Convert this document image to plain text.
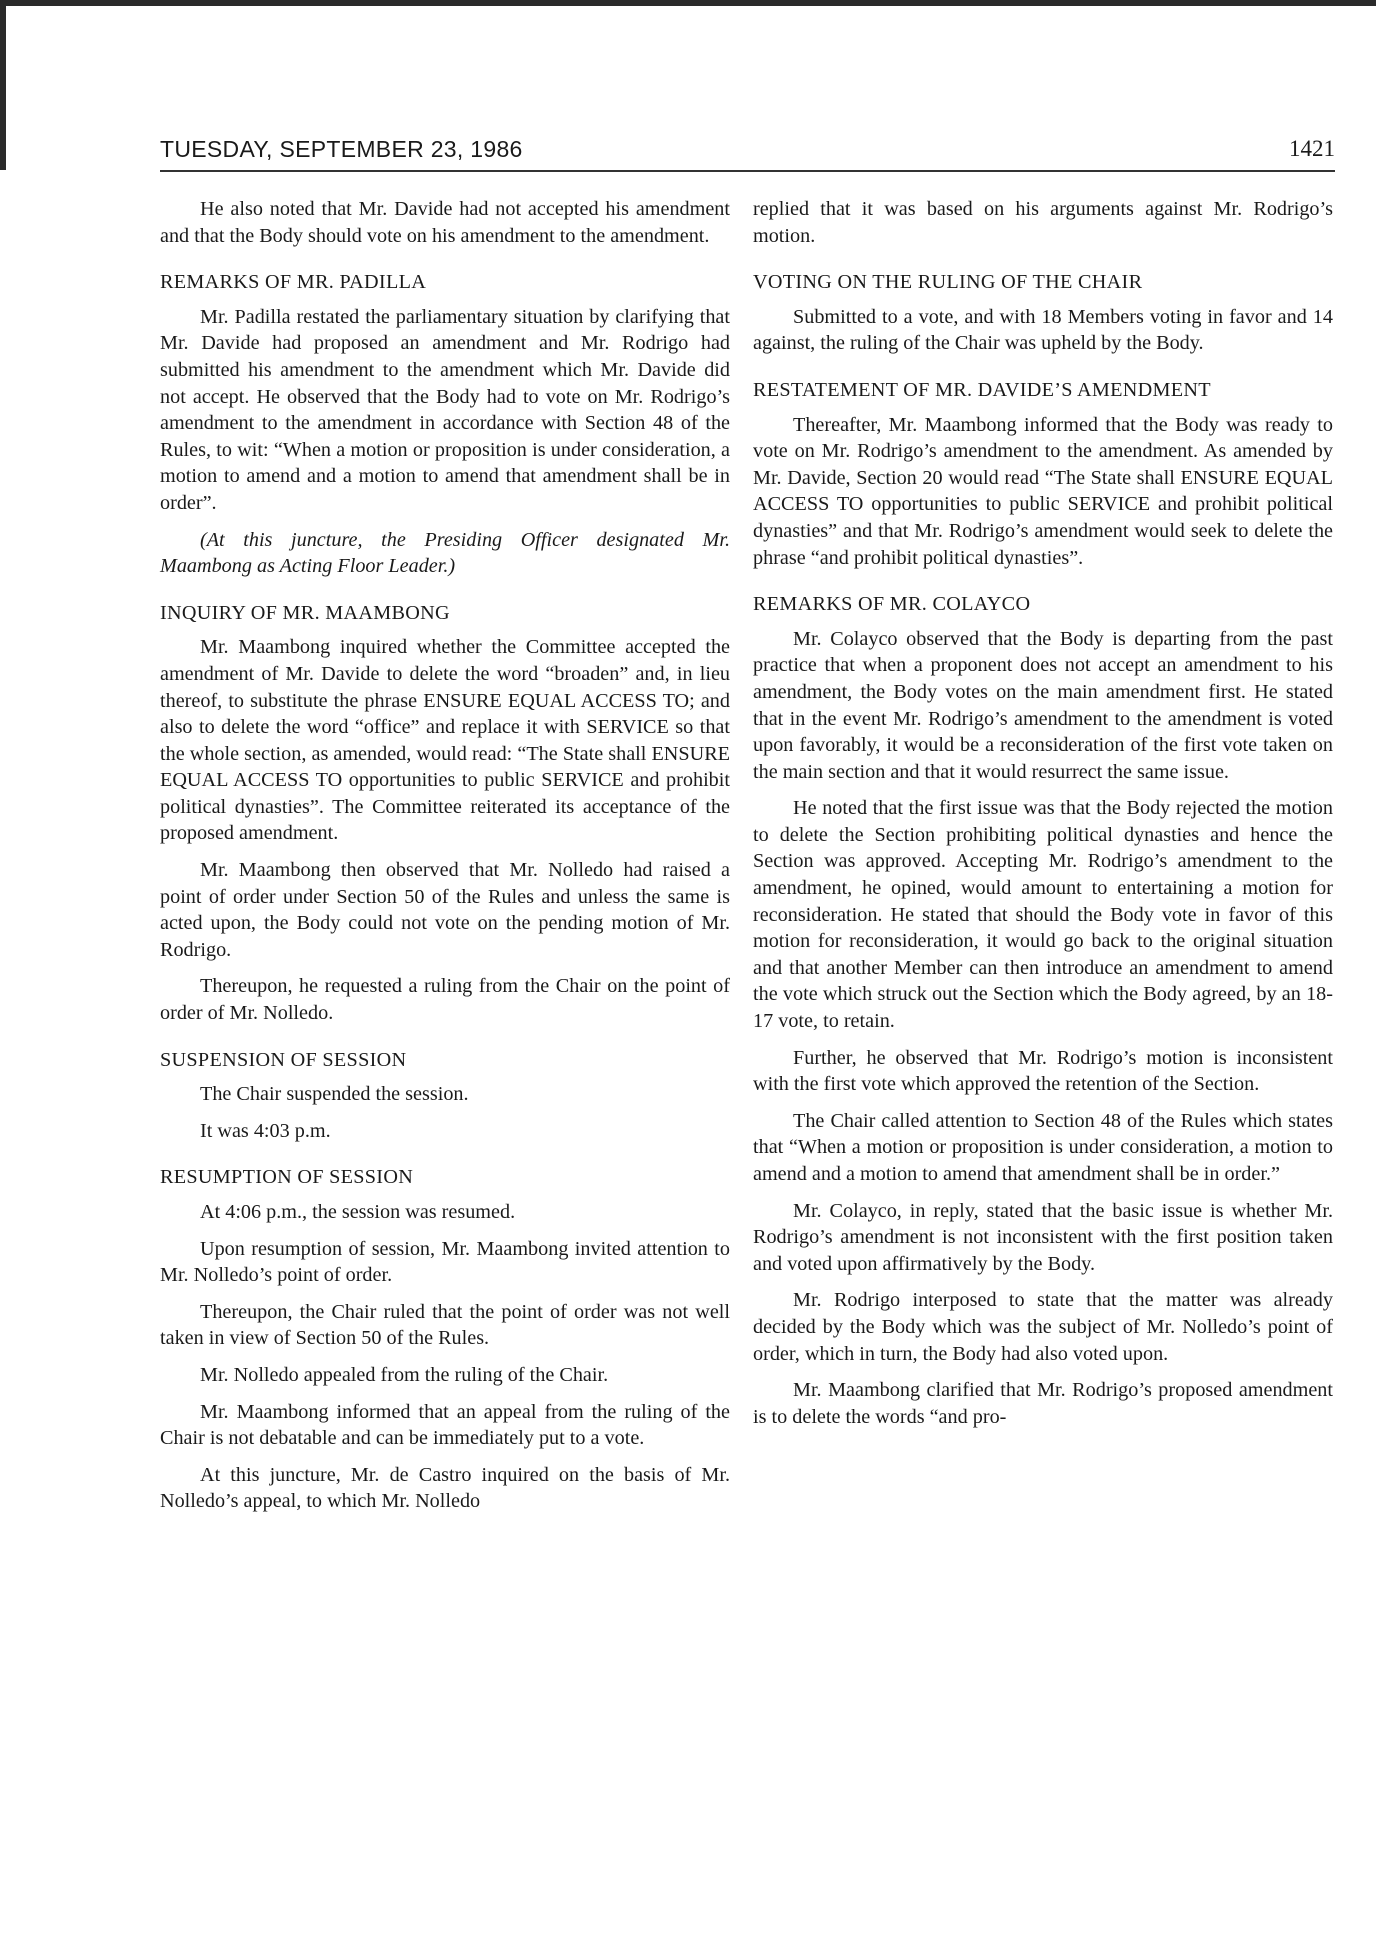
TUESDAY, SEPTEMBER 23, 1986	1421

He also noted that Mr. Davide had not accepted his amendment and that the Body should vote on his amendment to the amendment.

REMARKS OF MR. PADILLA

Mr. Padilla restated the parliamentary situation by clarifying that Mr. Davide had proposed an amendment and Mr. Rodrigo had submitted his amendment to the amendment which Mr. Davide did not accept. He observed that the Body had to vote on Mr. Rodrigo’s amendment to the amendment in accordance with Section 48 of the Rules, to wit: “When a motion or proposition is under consideration, a motion to amend and a motion to amend that amendment shall be in order”.

(At this juncture, the Presiding Officer designated Mr. Maambong as Acting Floor Leader.)

INQUIRY OF MR. MAAMBONG

Mr. Maambong inquired whether the Committee accepted the amendment of Mr. Davide to delete the word “broaden” and, in lieu thereof, to substitute the phrase ENSURE EQUAL ACCESS TO; and also to delete the word “office” and replace it with SERVICE so that the whole section, as amended, would read: “The State shall ENSURE EQUAL ACCESS TO opportunities to public SERVICE and prohibit political dynasties”. The Committee reiterated its acceptance of the proposed amendment.

Mr. Maambong then observed that Mr. Nolledo had raised a point of order under Section 50 of the Rules and unless the same is acted upon, the Body could not vote on the pending motion of Mr. Rodrigo.

Thereupon, he requested a ruling from the Chair on the point of order of Mr. Nolledo.

SUSPENSION OF SESSION

The Chair suspended the session.

It was 4:03 p.m.

RESUMPTION OF SESSION

At 4:06 p.m., the session was resumed.

Upon resumption of session, Mr. Maambong invited attention to Mr. Nolledo’s point of order.

Thereupon, the Chair ruled that the point of order was not well taken in view of Section 50 of the Rules.

Mr. Nolledo appealed from the ruling of the Chair.

Mr. Maambong informed that an appeal from the ruling of the Chair is not debatable and can be immediately put to a vote.

At this juncture, Mr. de Castro inquired on the basis of Mr. Nolledo’s appeal, to which Mr. Nolledo

replied that it was based on his arguments against Mr. Rodrigo’s motion.

VOTING ON THE RULING OF THE CHAIR

Submitted to a vote, and with 18 Members voting in favor and 14 against, the ruling of the Chair was upheld by the Body.

RESTATEMENT OF MR. DAVIDE’S AMENDMENT

Thereafter, Mr. Maambong informed that the Body was ready to vote on Mr. Rodrigo’s amendment to the amendment. As amended by Mr. Davide, Section 20 would read “The State shall ENSURE EQUAL ACCESS TO opportunities to public SERVICE and prohibit political dynasties” and that Mr. Rodrigo’s amendment would seek to delete the phrase “and prohibit political dynasties”.

REMARKS OF MR. COLAYCO

Mr. Colayco observed that the Body is departing from the past practice that when a proponent does not accept an amendment to his amendment, the Body votes on the main amendment first. He stated that in the event Mr. Rodrigo’s amendment to the amendment is voted upon favorably, it would be a reconsideration of the first vote taken on the main section and that it would resurrect the same issue.

He noted that the first issue was that the Body rejected the motion to delete the Section prohibiting political dynasties and hence the Section was approved. Accepting Mr. Rodrigo’s amendment to the amendment, he opined, would amount to entertaining a motion for reconsideration. He stated that should the Body vote in favor of this motion for reconsideration, it would go back to the original situation and that another Member can then introduce an amendment to amend the vote which struck out the Section which the Body agreed, by an 18-17 vote, to retain.

Further, he observed that Mr. Rodrigo’s motion is inconsistent with the first vote which approved the retention of the Section.

The Chair called attention to Section 48 of the Rules which states that “When a motion or proposition is under consideration, a motion to amend and a motion to amend that amendment shall be in order.”

Mr. Colayco, in reply, stated that the basic issue is whether Mr. Rodrigo’s amendment is not inconsistent with the first position taken and voted upon affirmatively by the Body.

Mr. Rodrigo interposed to state that the matter was already decided by the Body which was the subject of Mr. Nolledo’s point of order, which in turn, the Body had also voted upon.

Mr. Maambong clarified that Mr. Rodrigo’s proposed amendment is to delete the words “and pro-
